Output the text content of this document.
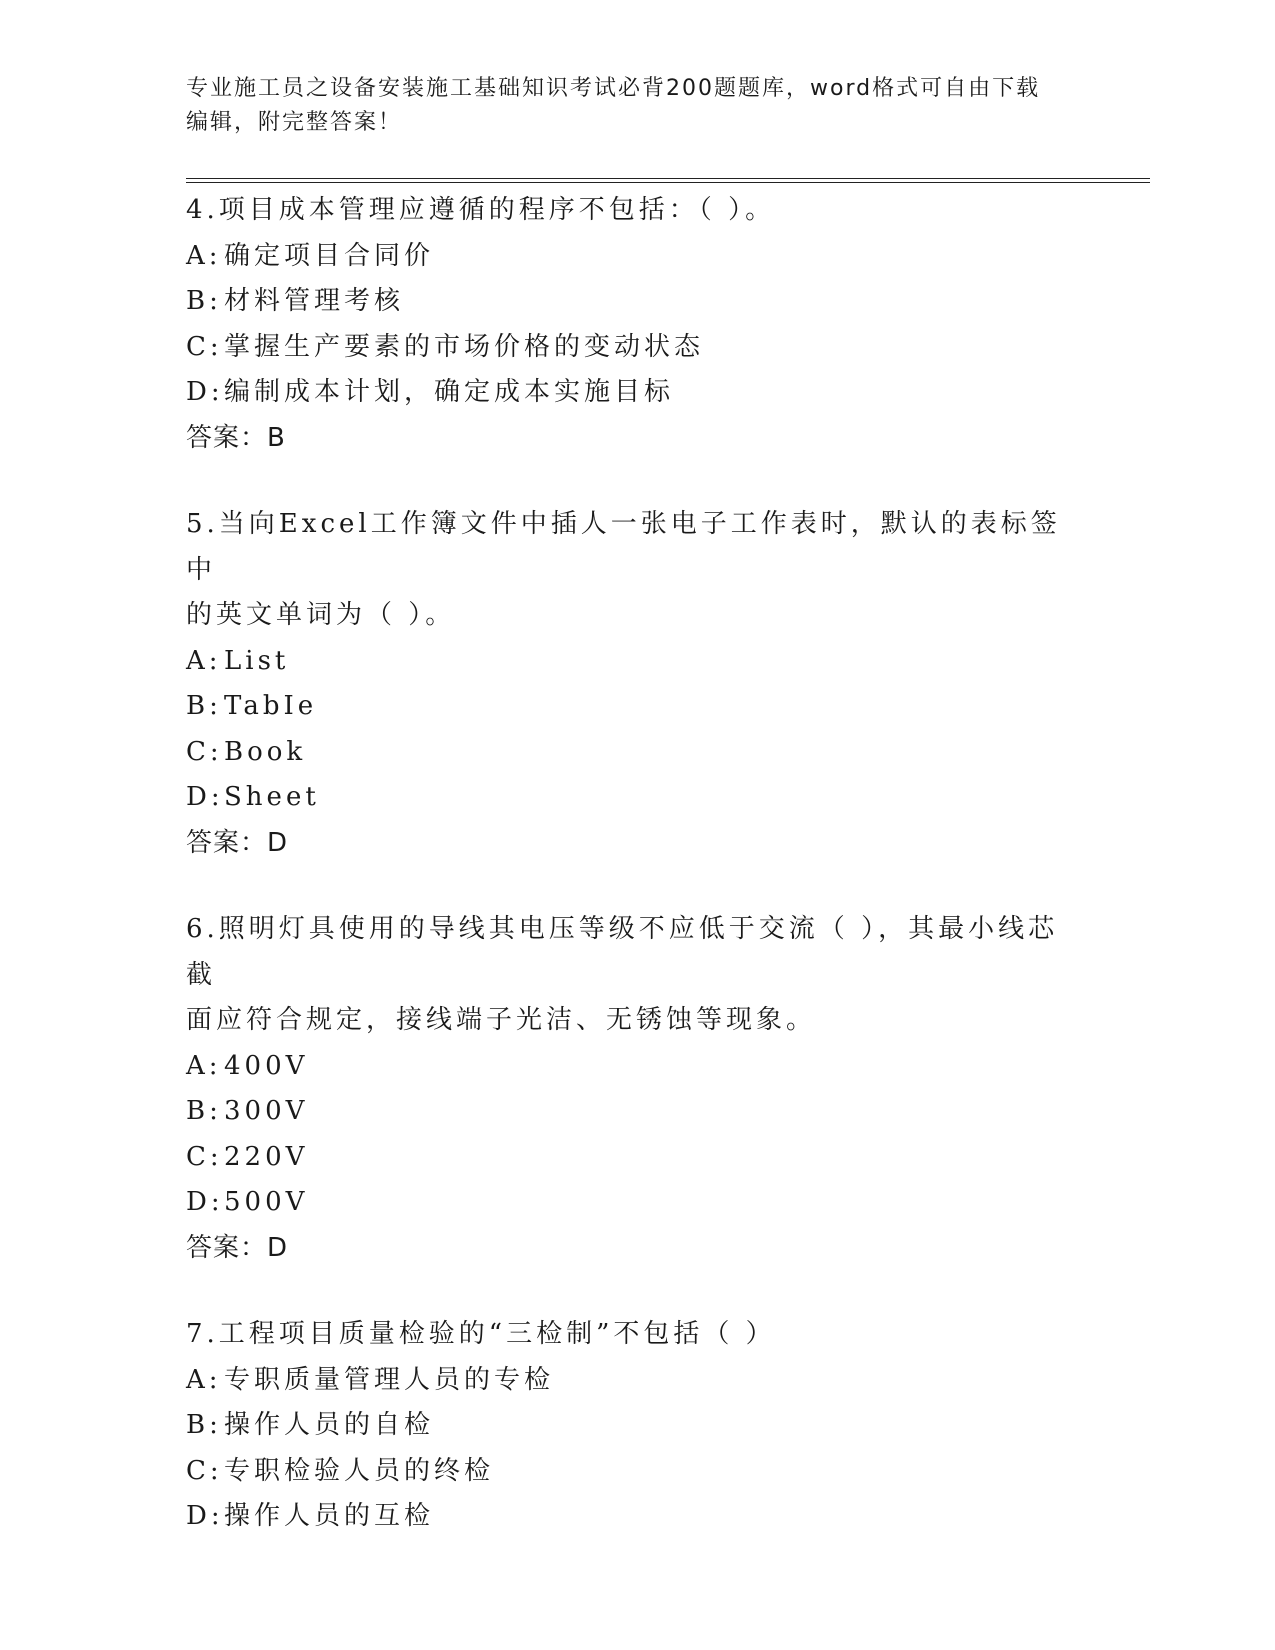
专业施工员之设备安装施工基础知识考试必背200题题库，word格式可自由下载
编辑，附完整答案！
4.项目成本管理应遵循的程序不包括：（ ）。
A:确定项目合同价
B:材料管理考核
C:掌握生产要素的市场价格的变动状态
D:编制成本计划，确定成本实施目标
答案：B
5.当向Excel工作簿文件中插人一张电子工作表时，默认的表标签中
的英文单词为（ ）。
A:List
B:TabIe
C:Book
D:Sheet
答案：D
6.照明灯具使用的导线其电压等级不应低于交流（ ），其最小线芯截
面应符合规定，接线端子光洁、无锈蚀等现象。
A:400V
B:300V
C:220V
D:500V
答案：D
7.工程项目质量检验的“三检制”不包括（ ）
A:专职质量管理人员的专检
B:操作人员的自检
C:专职检验人员的终检
D:操作人员的互检
